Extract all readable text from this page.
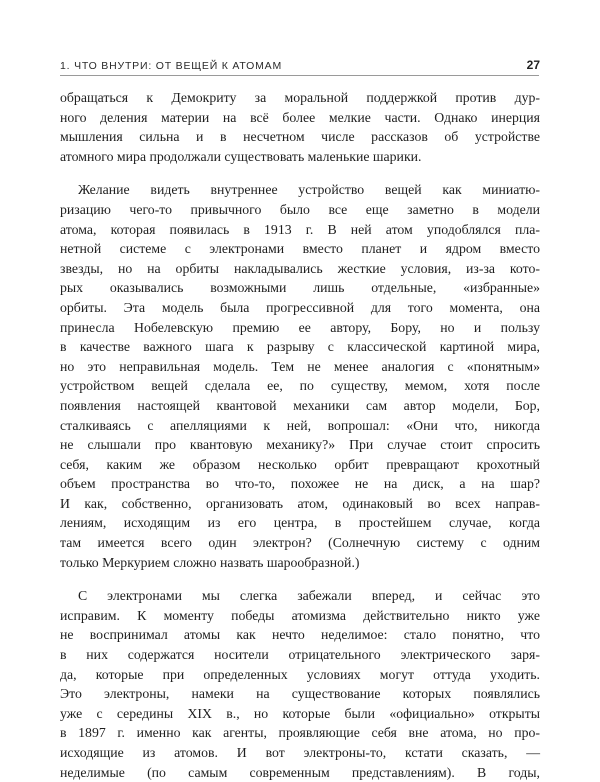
1. ЧТО ВНУТРИ: ОТ ВЕЩЕЙ К АТОМАМ	27
обращаться к Демокриту за моральной поддержкой против дур-
ного деления материи на всё более мелкие части. Однако инерция
мышления сильна и в несчетном числе рассказов об устройстве
атомного мира продолжали существовать маленькие шарики.
Желание видеть внутреннее устройство вещей как миниатю-
ризацию чего-то привычного было все еще заметно в модели
атома, которая появилась в 1913 г. В ней атом уподоблялся пла-
нетной системе с электронами вместо планет и ядром вместо
звезды, но на орбиты накладывались жесткие условия, из-за кото-
рых оказывались возможными лишь отдельные, «избранные»
орбиты. Эта модель была прогрессивной для того момента, она
принесла Нобелевскую премию ее автору, Бору, но и пользу
в качестве важного шага к разрыву с классической картиной мира,
но это неправильная модель. Тем не менее аналогия с «понятным»
устройством вещей сделала ее, по существу, мемом, хотя после
появления настоящей квантовой механики сам автор модели, Бор,
сталкиваясь с апелляциями к ней, вопрошал: «Они что, никогда
не слышали про квантовую механику?» При случае стоит спросить
себя, каким же образом несколько орбит превращают крохотный
объем пространства во что-то, похожее не на диск, а на шар?
И как, собственно, организовать атом, одинаковый во всех направ-
лениям, исходящим из его центра, в простейшем случае, когда
там имеется всего один электрон? (Солнечную систему с одним
только Меркурием сложно назвать шарообразной.)
С электронами мы слегка забежали вперед, и сейчас это
исправим. К моменту победы атомизма действительно никто уже
не воспринимал атомы как нечто неделимое: стало понятно, что
в них содержатся носители отрицательного электрического заря-
да, которые при определенных условиях могут оттуда уходить.
Это электроны, намеки на существование которых появлялись
уже с середины XIX в., но которые были «официально» открыты
в 1897 г. именно как агенты, проявляющие себя вне атома, но про-
исходящие из атомов. И вот электроны-то, кстати сказать, —
неделимые (по самым современным представлениям). В годы,
